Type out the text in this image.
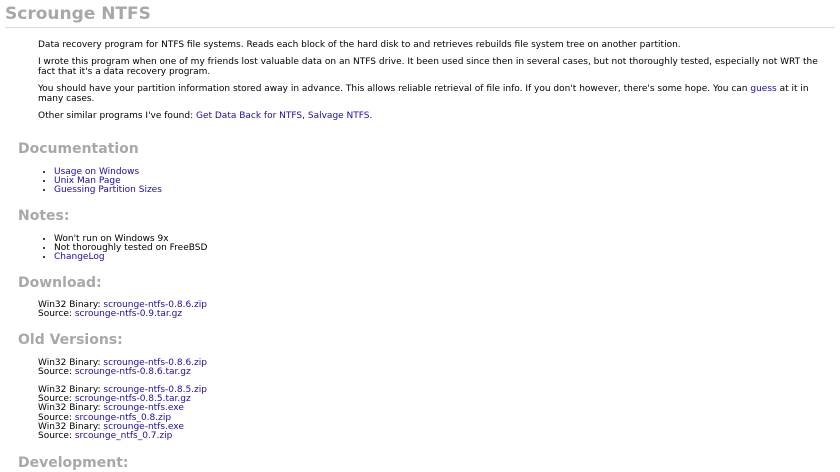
Scrounge NTFS

Data recovery program for NTFS file systems. Reads each block of the hard disk to and retrieves rebuilds file system tree on another partition.

I wrote this program when one of my friends lost valuable data on an NTFS drive. It been used since then in several cases, but not thoroughly tested, especially not WRT the fact that it's a data recovery program.

You should have your partition information stored away in advance. This allows reliable retrieval of file info. If you don't however, there's some hope. You can guess at it in many cases.

Other similar programs I've found: Get Data Back for NTFS, Salvage NTFS.

Documentation
• Usage on Windows
• Unix Man Page
• Guessing Partition Sizes
Notes:
• Won't run on Windows 9x
• Not thoroughly tested on FreeBSD
• ChangeLog
Download:
Win32 Binary: scrounge-ntfs-0.8.6.zip
Source: scrounge-ntfs-0.9.tar.gz
Old Versions:
Win32 Binary: scrounge-ntfs-0.8.6.zip
Source: scrounge-ntfs-0.8.6.tar.gz
Win32 Binary: scrounge-ntfs-0.8.5.zip
Source: scrounge-ntfs-0.8.5.tar.gz
Win32 Binary: scrounge-ntfs.exe
Source: srcounge-ntfs_0.8.zip
Win32 Binary: scrounge-ntfs.exe
Source: srcounge_ntfs_0.7.zip
Development:
